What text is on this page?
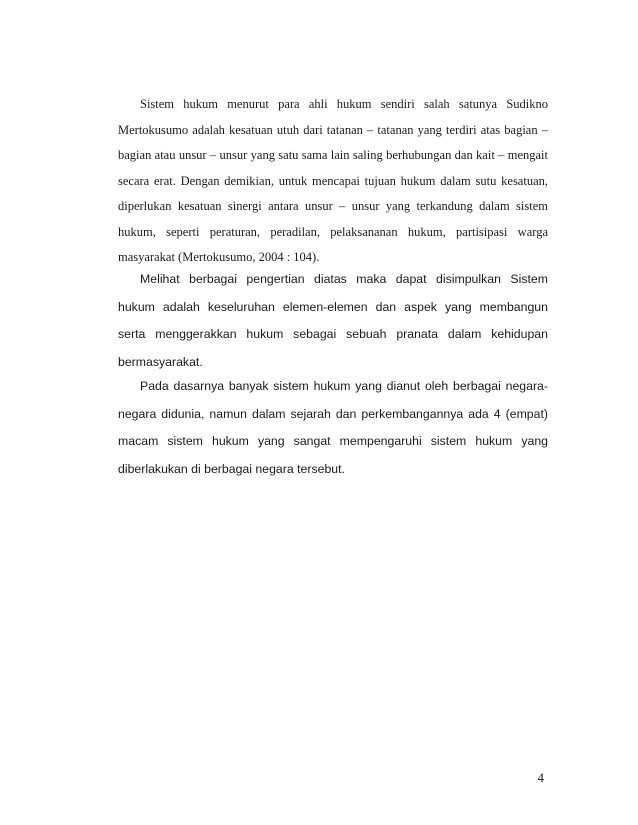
Sistem hukum menurut para ahli hukum sendiri salah satunya Sudikno
Mertokusumo adalah kesatuan utuh dari tatanan – tatanan yang terdiri atas bagian –
bagian atau unsur – unsur yang satu sama lain saling berhubungan dan kait – mengait
secara erat. Dengan demikian, untuk mencapai tujuan hukum dalam sutu kesatuan,
diperlukan kesatuan sinergi antara unsur – unsur yang terkandung dalam sistem
hukum, seperti peraturan, peradilan, pelaksananan hukum, partisipasi warga
masyarakat (Mertokusumo, 2004 : 104).
Melihat berbagai pengertian diatas maka dapat disimpulkan Sistem
hukum adalah keseluruhan elemen-elemen dan aspek yang membangun
serta menggerakkan hukum sebagai sebuah pranata dalam kehidupan
bermasyarakat.
Pada dasarnya banyak sistem hukum yang dianut oleh berbagai negara-
negara didunia, namun dalam sejarah dan perkembangannya ada 4 (empat)
macam sistem hukum yang sangat mempengaruhi sistem hukum yang
diberlakukan di berbagai negara tersebut.
4
